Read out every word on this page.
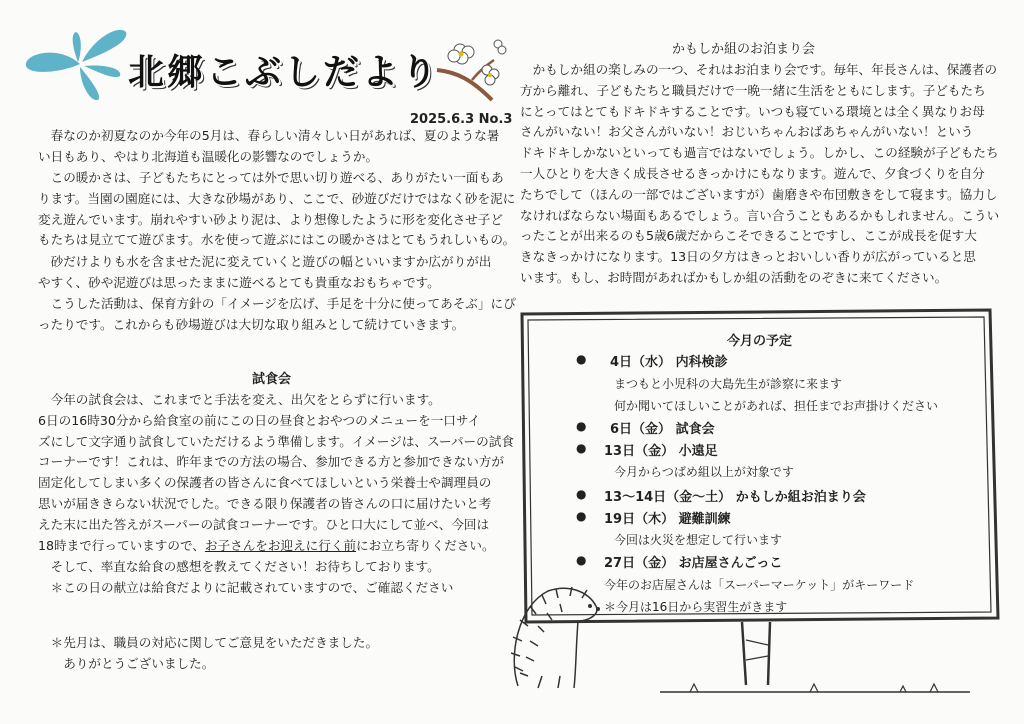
北郷こぶしだより
2025.6.3 No.3

　春なのか初夏なのか今年の5月は、春らしい清々しい日があれば、夏のような暑
い日もあり、やはり北海道も温暖化の影響なのでしょうか。

　この暖かさは、子どもたちにとっては外で思い切り遊べる、ありがたい一面もあ
ります。当園の園庭には、大きな砂場があり、ここで、砂遊びだけではなく砂を泥に
変え遊んでいます。崩れやすい砂より泥は、より想像したように形を変化させ子ど
もたちは見立てて遊びます。水を使って遊ぶにはこの暖かさはとてもうれしいもの。

　砂だけよりも水を含ませた泥に変えていくと遊びの幅といいますか広がりが出
やすく、砂や泥遊びは思ったままに遊べるとても貴重なおもちゃです。

　こうした活動は、保育方針の「イメージを広げ、手足を十分に使ってあそぶ」にぴ
ったりです。これからも砂場遊びは大切な取り組みとして続けていきます。

試食会

　今年の試食会は、これまでと手法を変え、出欠をとらずに行います。
6日の16時30分から給食室の前にこの日の昼食とおやつのメニューを一口サイ
ズにして文字通り試食していただけるよう準備します。イメージは、スーパーの試食
コーナーです！これは、昨年までの方法の場合、参加できる方と参加できない方が
固定化してしまい多くの保護者の皆さんに食べてほしいという栄養士や調理員の
思いが届ききらない状況でした。できる限り保護者の皆さんの口に届けたいと考
えた末に出た答えがスーパーの試食コーナーです。ひと口大にして並べ、今回は

18時まで行っていますので、お子さんをお迎えに行く前にお立ち寄りください。

　そして、率直な給食の感想を教えてください！お待ちしております。

　＊この日の献立は給食だよりに記載されていますので、ご確認ください

　＊先月は、職員の対応に関してご意見をいただきました。
　　ありがとうございました。

かもしか組のお泊まり会

　かもしか組の楽しみの一つ、それはお泊まり会です。毎年、年長さんは、保護者の
方から離れ、子どもたちと職員だけで一晩一緒に生活をともにします。子どもたち
にとってはとてもドキドキすることです。いつも寝ている環境とは全く異なりお母
さんがいない！お父さんがいない！おじいちゃんおばあちゃんがいない！という
ドキドキしかないといっても過言ではないでしょう。しかし、この経験が子どもたち
一人ひとりを大きく成長させるきっかけにもなります。遊んで、夕食づくりを自分
たちでして（ほんの一部ではございますが）歯磨きや布団敷きをして寝ます。協力し
なければならない場面もあるでしょう。言い合うこともあるかもしれません。こうい
ったことが出来るのも5歳6歳だからこそできることですし、ここが成長を促す大
きなきっかけになります。13日の夕方はきっとおいしい香りが広がっていると思
います。もし、お時間があればかもしか組の活動をのぞきに来てください。

今月の予定
● 4日（水） 内科検診
まつもと小児科の大島先生が診察に来ます
何か聞いてほしいことがあれば、担任までお声掛けください
● 6日（金） 試食会
● 13日（金） 小遠足
今月からつばめ組以上が対象です
● 13～14日（金～土） かもしか組お泊まり会
● 19日（木） 避難訓練
今回は火災を想定して行います
● 27日（金） お店屋さんごっこ
今年のお店屋さんは「スーパーマーケット」がキーワード
＊今月は16日から実習生がきます
